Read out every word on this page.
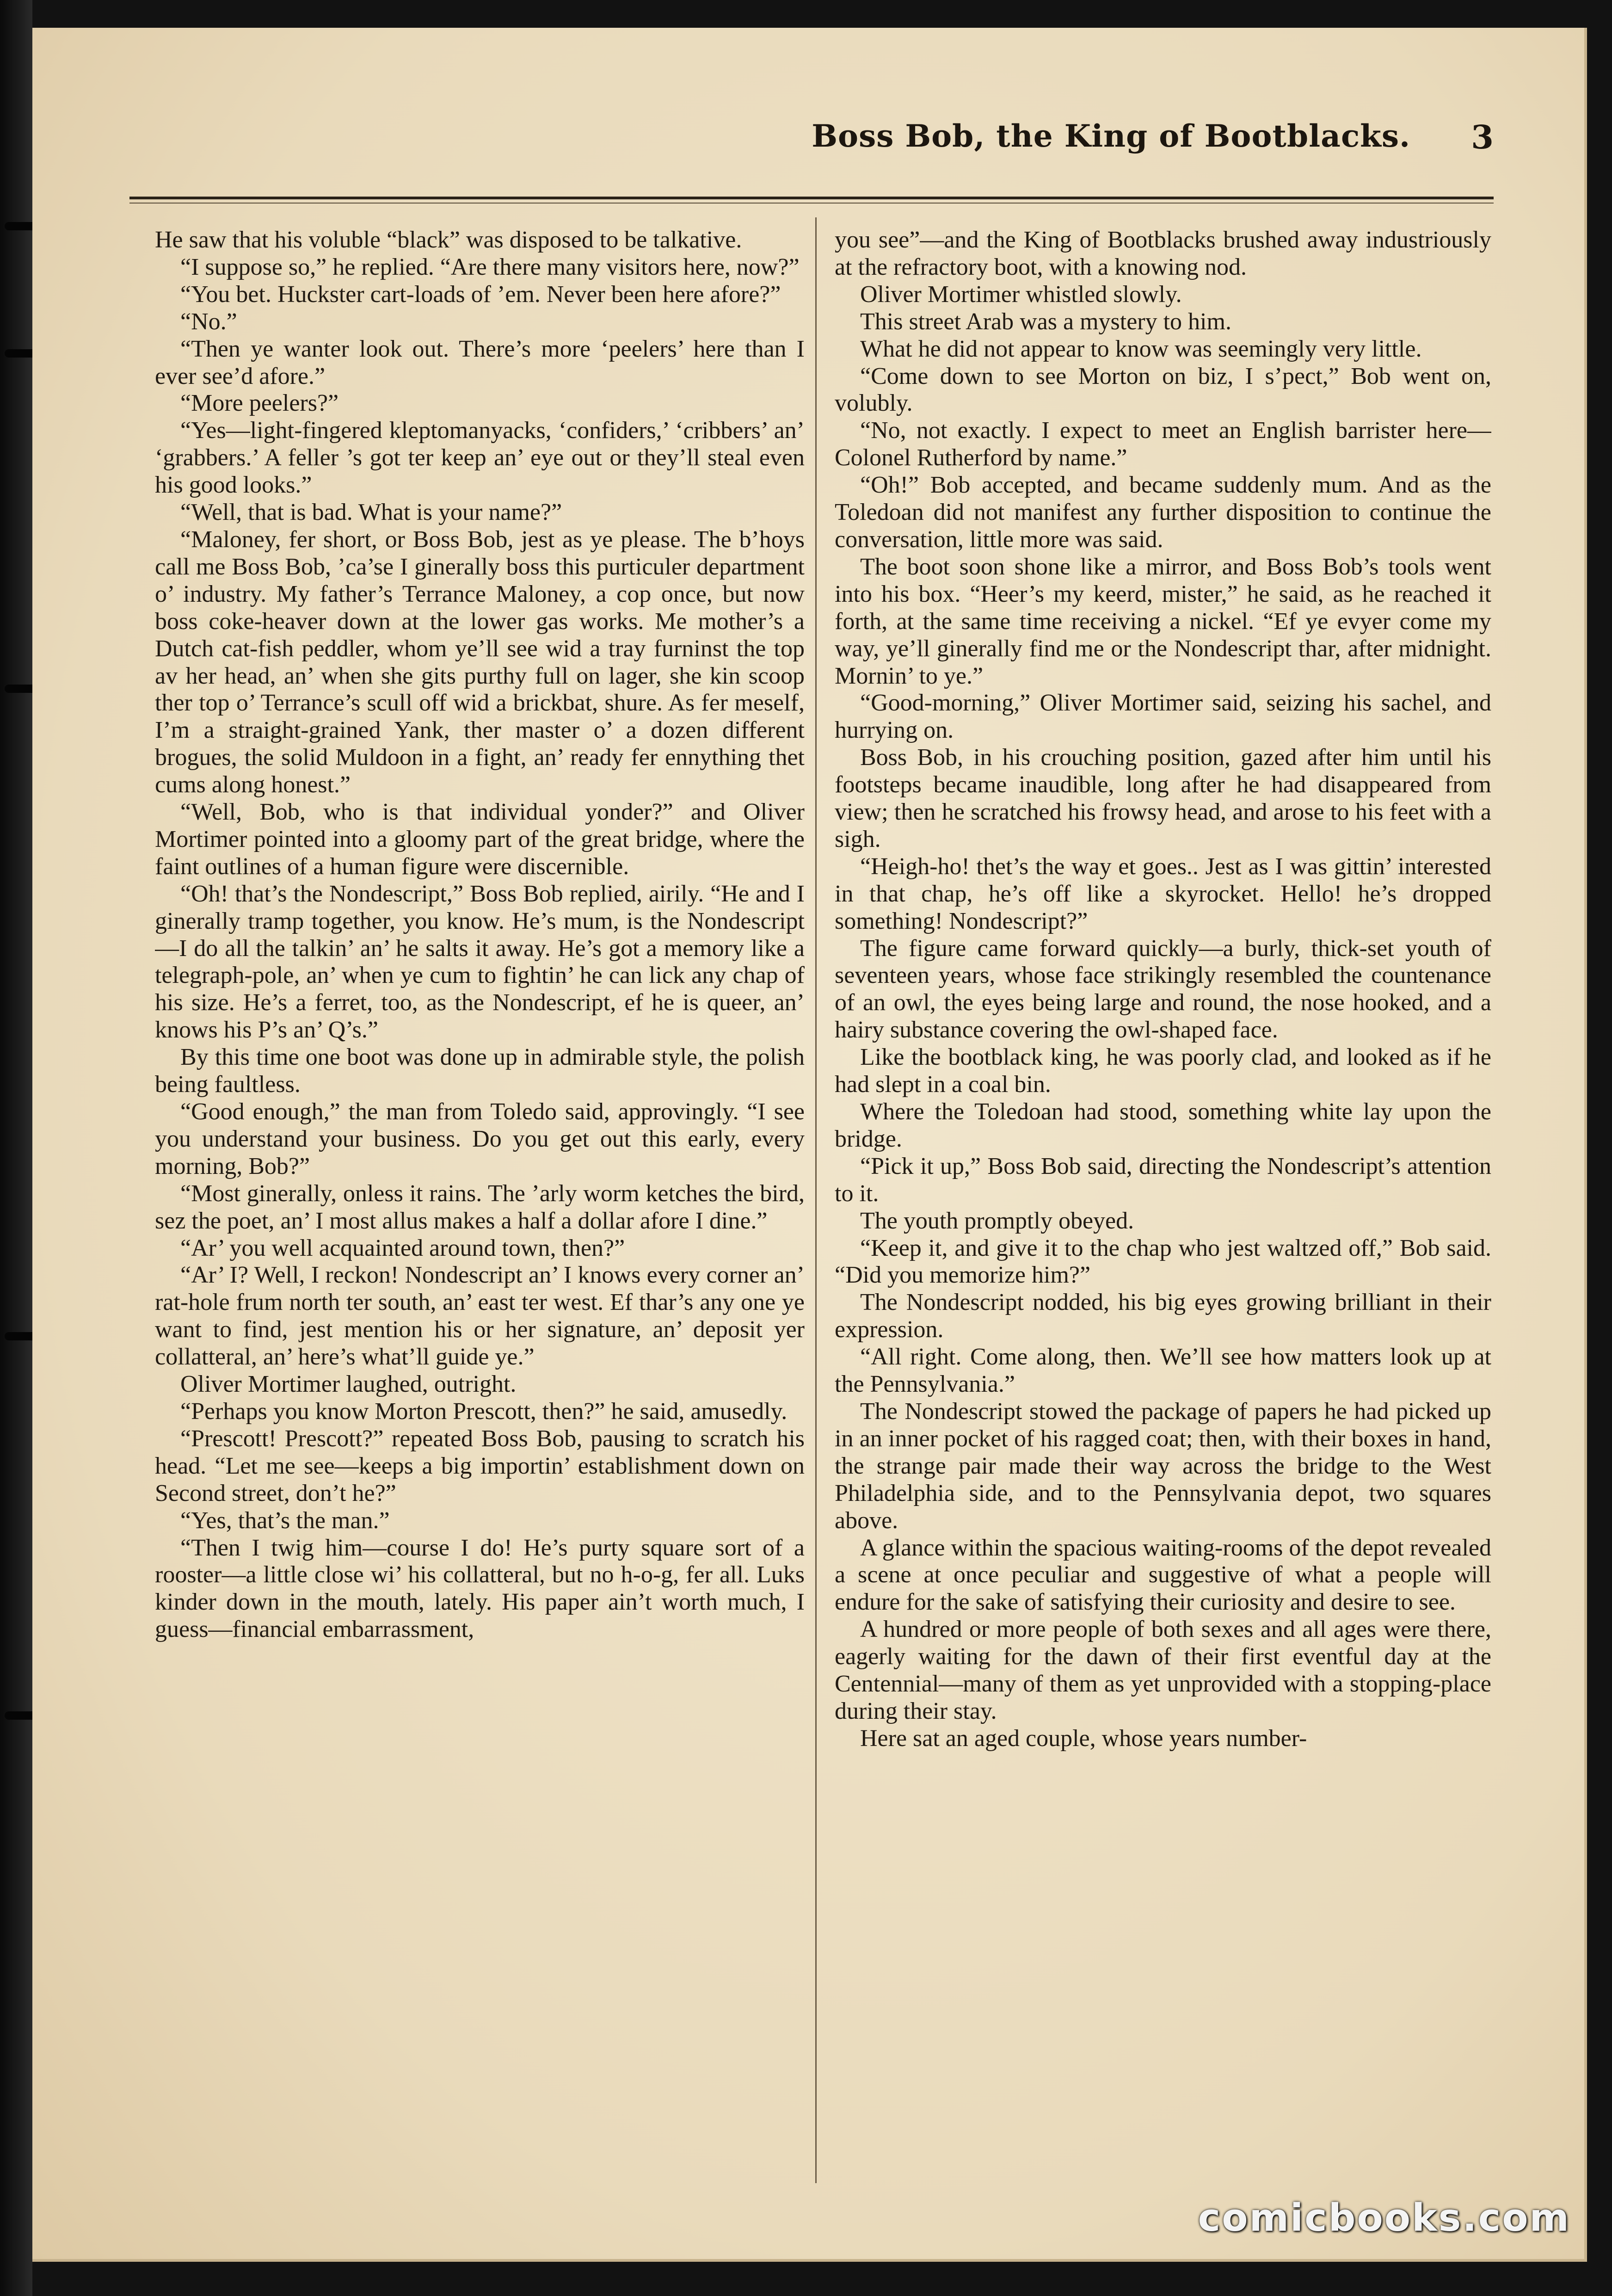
Boss Bob, the King of Bootblacks. 3

He saw that his voluble “black” was disposed to be talkative.

“I suppose so,” he replied. “Are there many visitors here, now?”

“You bet. Huckster cart-loads of ’em. Never been here afore?”

“No.”

“Then ye wanter look out. There’s more ‘peelers’ here than I ever see’d afore.”

“More peelers?”

“Yes—light-fingered kleptomanyacks, ‘confiders,’ ‘cribbers’ an’ ‘grabbers.’ A feller ’s got ter keep an’ eye out or they’ll steal even his good looks.”

“Well, that is bad. What is your name?”

“Maloney, fer short, or Boss Bob, jest as ye please. The b’hoys call me Boss Bob, ’ca’se I ginerally boss this purticuler department o’ industry. My father’s Terrance Maloney, a cop once, but now boss coke-heaver down at the lower gas works. Me mother’s a Dutch cat-fish peddler, whom ye’ll see wid a tray furninst the top av her head, an’ when she gits purthy full on lager, she kin scoop ther top o’ Terrance’s scull off wid a brickbat, shure. As fer meself, I’m a straight-grained Yank, ther master o’ a dozen different brogues, the solid Muldoon in a fight, an’ ready fer ennything thet cums along honest.”

“Well, Bob, who is that individual yonder?” and Oliver Mortimer pointed into a gloomy part of the great bridge, where the faint outlines of a human figure were discernible.

“Oh! that’s the Nondescript,” Boss Bob replied, airily. “He and I ginerally tramp together, you know. He’s mum, is the Nondescript—I do all the talkin’ an’ he salts it away. He’s got a memory like a telegraph-pole, an’ when ye cum to fightin’ he can lick any chap of his size. He’s a ferret, too, as the Nondescript, ef he is queer, an’ knows his P’s an’ Q’s.”

By this time one boot was done up in admirable style, the polish being faultless.

“Good enough,” the man from Toledo said, approvingly. “I see you understand your business. Do you get out this early, every morning, Bob?”

“Most ginerally, onless it rains. The ’arly worm ketches the bird, sez the poet, an’ I most allus makes a half a dollar afore I dine.”

“Ar’ you well acquainted around town, then?”

“Ar’ I? Well, I reckon! Nondescript an’ I knows every corner an’ rat-hole frum north ter south, an’ east ter west. Ef thar’s any one ye want to find, jest mention his or her signature, an’ deposit yer collatteral, an’ here’s what’ll guide ye.”

Oliver Mortimer laughed, outright.

“Perhaps you know Morton Prescott, then?” he said, amusedly.

“Prescott! Prescott?” repeated Boss Bob, pausing to scratch his head. “Let me see—keeps a big importin’ establishment down on Second street, don’t he?”

“Yes, that’s the man.”

“Then I twig him—course I do! He’s purty square sort of a rooster—a little close wi’ his collatteral, but no h-o-g, fer all. Luks kinder down in the mouth, lately. His paper ain’t worth much, I guess—financial embarrassment,

you see”—and the King of Bootblacks brushed away industriously at the refractory boot, with a knowing nod.

Oliver Mortimer whistled slowly.

This street Arab was a mystery to him.

What he did not appear to know was seemingly very little.

“Come down to see Morton on biz, I s’pect,” Bob went on, volubly.

“No, not exactly. I expect to meet an English barrister here—Colonel Rutherford by name.”

“Oh!” Bob accepted, and became suddenly mum. And as the Toledoan did not manifest any further disposition to continue the conversation, little more was said.

The boot soon shone like a mirror, and Boss Bob’s tools went into his box. “Heer’s my keerd, mister,” he said, as he reached it forth, at the same time receiving a nickel. “Ef ye evyer come my way, ye’ll ginerally find me or the Nondescript thar, after midnight. Mornin’ to ye.”

“Good-morning,” Oliver Mortimer said, seizing his sachel, and hurrying on.

Boss Bob, in his crouching position, gazed after him until his footsteps became inaudible, long after he had disappeared from view; then he scratched his frowsy head, and arose to his feet with a sigh.

“Heigh-ho! thet’s the way et goes.. Jest as I was gittin’ interested in that chap, he’s off like a skyrocket. Hello! he’s dropped something! Nondescript?”

The figure came forward quickly—a burly, thick-set youth of seventeen years, whose face strikingly resembled the countenance of an owl, the eyes being large and round, the nose hooked, and a hairy substance covering the owl-shaped face.

Like the bootblack king, he was poorly clad, and looked as if he had slept in a coal bin.

Where the Toledoan had stood, something white lay upon the bridge.

“Pick it up,” Boss Bob said, directing the Nondescript’s attention to it.

The youth promptly obeyed.

“Keep it, and give it to the chap who jest waltzed off,” Bob said. “Did you memorize him?”

The Nondescript nodded, his big eyes growing brilliant in their expression.

“All right. Come along, then. We’ll see how matters look up at the Pennsylvania.”

The Nondescript stowed the package of papers he had picked up in an inner pocket of his ragged coat; then, with their boxes in hand, the strange pair made their way across the bridge to the West Philadelphia side, and to the Pennsylvania depot, two squares above.

A glance within the spacious waiting-rooms of the depot revealed a scene at once peculiar and suggestive of what a people will endure for the sake of satisfying their curiosity and desire to see.

A hundred or more people of both sexes and all ages were there, eagerly waiting for the dawn of their first eventful day at the Centennial—many of them as yet unprovided with a stopping-place during their stay.

Here sat an aged couple, whose years number-

comicbooks.com
